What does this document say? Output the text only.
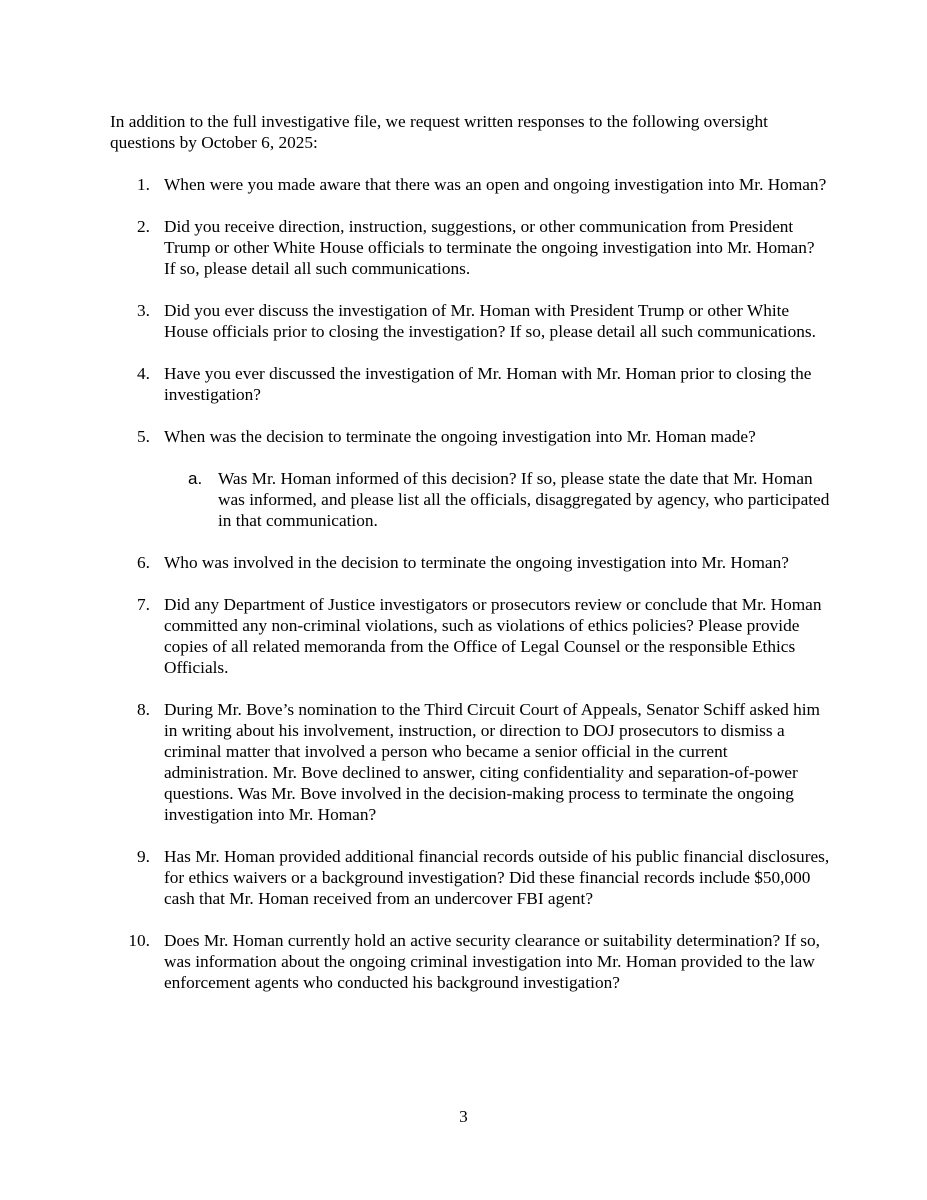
In addition to the full investigative file, we request written responses to the following oversight questions by October 6, 2025:

1. When were you made aware that there was an open and ongoing investigation into Mr. Homan?
2. Did you receive direction, instruction, suggestions, or other communication from President Trump or other White House officials to terminate the ongoing investigation into Mr. Homan? If so, please detail all such communications.
3. Did you ever discuss the investigation of Mr. Homan with President Trump or other White House officials prior to closing the investigation? If so, please detail all such communications.
4. Have you ever discussed the investigation of Mr. Homan with Mr. Homan prior to closing the investigation?
5. When was the decision to terminate the ongoing investigation into Mr. Homan made?
a. Was Mr. Homan informed of this decision? If so, please state the date that Mr. Homan was informed, and please list all the officials, disaggregated by agency, who participated in that communication.
6. Who was involved in the decision to terminate the ongoing investigation into Mr. Homan?
7. Did any Department of Justice investigators or prosecutors review or conclude that Mr. Homan committed any non-criminal violations, such as violations of ethics policies? Please provide copies of all related memoranda from the Office of Legal Counsel or the responsible Ethics Officials.
8. During Mr. Bove’s nomination to the Third Circuit Court of Appeals, Senator Schiff asked him in writing about his involvement, instruction, or direction to DOJ prosecutors to dismiss a criminal matter that involved a person who became a senior official in the current administration. Mr. Bove declined to answer, citing confidentiality and separation-of-power questions. Was Mr. Bove involved in the decision-making process to terminate the ongoing investigation into Mr. Homan?
9. Has Mr. Homan provided additional financial records outside of his public financial disclosures, for ethics waivers or a background investigation? Did these financial records include $50,000 cash that Mr. Homan received from an undercover FBI agent?
10. Does Mr. Homan currently hold an active security clearance or suitability determination? If so, was information about the ongoing criminal investigation into Mr. Homan provided to the law enforcement agents who conducted his background investigation?
3
